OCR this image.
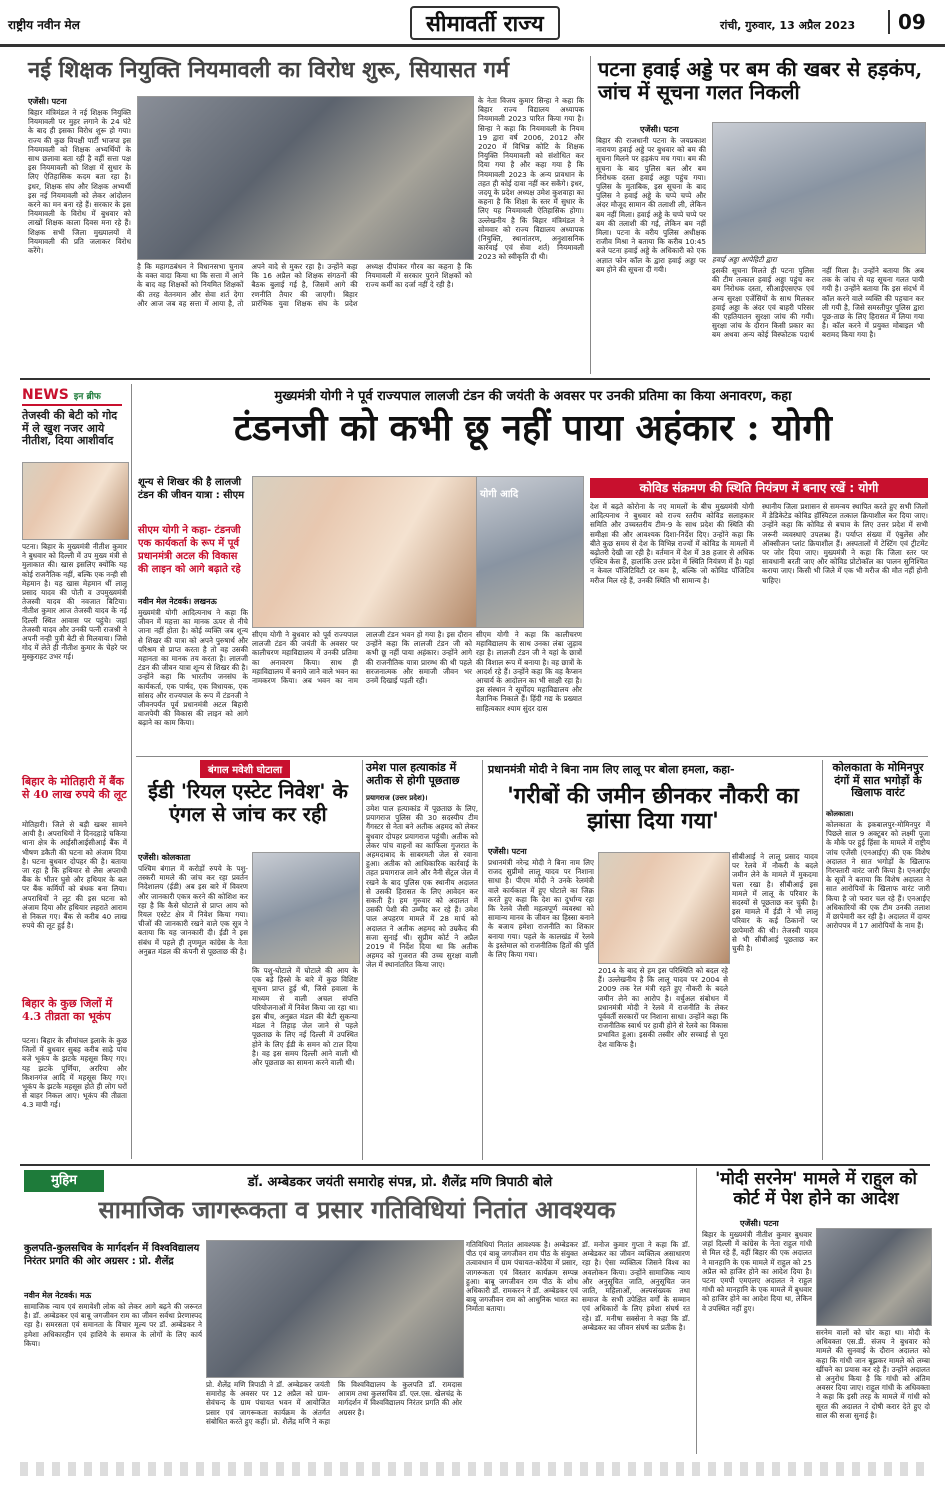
राष्ट्रीय नवीन मेल	सीमावर्ती राज्य	रांची, गुरुवार, 13 अप्रैल 2023	09
नई शिक्षक नियुक्ति नियमावली का विरोध शुरू, सियासत गर्म
एजेंसी। पटना
बिहार मंत्रिमंडल ने नई शिक्षक नियुक्ति नियमावली पर मुहर लगाने के 24 घंटे के बाद ही इसका विरोध शुरू हो गया। राज्य की कुछ विपक्षी पार्टी भाजपा इस नियमावली को शिक्षक अभ्यर्थियों के साथ छलावा बता रही है वहीं सत्ता पक्ष इस नियमावली को शिक्षा में सुधार के लिए ऐतिहासिक कदम बता रहा है। इधर, शिक्षक संघ और शिक्षक अभ्यर्थी इस नई नियमावली को लेकर आंदोलन करने का मन बना रहे हैं। सरकार के इस नियमावली के विरोध में बुधवार को लाखों शिक्षक काला दिवस मना रहे हैं। शिक्षक सभी जिला मुख्यालयों में नियमावली की प्रति जलाकर विरोध करेंगे।
है कि महागठबंधन ने विधानसभा चुनाव के वक्त वादा किया था कि सत्ता में आने के बाद वह शिक्षकों को नियमित शिक्षकों की तरह वेतनमान और सेवा शर्त देगा और आज जब वह सत्ता में आया है, तो अपने वादे से मुकर रहा है। उन्होंने कहा कि 16 अप्रैल को शिक्षक संगठनों की बैठक बुलाई गई है, जिसमें आगे की रणनीति तैयार की जाएगी। बिहार प्रारंभिक युवा शिक्षक संघ के प्रदेश अध्यक्ष दीपांकर गौरव का कहना है कि नियमावली में सरकार पुराने शिक्षकों को राज्य कर्मी का दर्जा नहीं दे रही है।
के नेता विजय कुमार सिन्हा ने कहा कि बिहार राज्य विद्यालय अध्यापक नियमावली 2023 पारित किया गया है। सिन्हा ने कहा कि नियमावली के नियम 19 द्वारा वर्ष 2006, 2012 और 2020 में विभिन्न कोटि के शिक्षक नियुक्ति नियमावली को संशोधित कर दिया गया है और कहा गया है कि नियमावली 2023 के अन्य प्रावधान के तहत ही कोई दावा नहीं कर सकेंगे। इधर, जदयू के प्रदेश अध्यक्ष उमेश कुशवाहा का कहना है कि शिक्षा के स्तर में सुधार के लिए यह नियमावली ऐतिहासिक होगा। उल्लेखनीय है कि बिहार मंत्रिमंडल ने सोमवार को राज्य विद्यालय अध्यापक (नियुक्ति, स्थानांतरण, अनुशासनिक कार्रवाई एवं सेवा शर्त) नियमावली 2023 को स्वीकृति दी थी।
पटना हवाई अड्डे पर बम की खबर से हड़कंप, जांच में सूचना गलत निकली
एजेंसी। पटना
बिहार की राजधानी पटना के जयप्रकाश नारायण हवाई अड्डे पर बुधवार को बम की सूचना मिलने पर हड़कंप मच गया। बम की सूचना के बाद पुलिस बल और बम निरोधक दस्ता हवाई अड्डा पहुंच गया। पुलिस के मुताबिक, इस सूचना के बाद पुलिस ने हवाई अड्डे के चप्पे चप्पे और अंदर मौजूद सामान की तलाशी ली, लेकिन बम नहीं मिला। हवाई अड्डे के चप्पे चप्पे पर बम की तलाशी की गई, लेकिन बम नहीं मिला। पटना के वरीय पुलिस अधीक्षक राजीव मिश्रा ने बताया कि करीब 10:45 बजे पटना हवाई अड्डे के अधिकारी को एक अज्ञात फोन कॉल के द्वारा हवाई अड्डा पर बम होने की सूचना दी गयी।
हवाई अड्डा आपेहिटी द्वारा
इसकी सूचना मिलते ही पटना पुलिस की टीम तत्काल हवाई अड्डा पहुंच कर बम निरोधक दस्ता, सीआईएसएफ एवं अन्य सुरक्षा एजेंसियों के साथ मिलकर हवाई अड्डा के अंदर एवं बाहरी परिसर की एहतियातन सुरक्षा जांच की गयी। सुरक्षा जांच के दौरान किसी प्रकार का बम अथवा अन्य कोई विस्फोटक पदार्थ नहीं मिला है। उन्होंने बताया कि अब तक के जांच से यह सूचना गलत पायी गयी है। उन्होंने बताया कि इस संदर्भ में कॉल करने वाले व्यक्ति की पहचान कर ली गयी है, जिसे समस्तीपुर पुलिस द्वारा पूछ-ताछ के लिए हिरासत में लिया गया है। कॉल करने में प्रयुक्त मोबाइल भी बरामद किया गया है।
NEWS इन ब्रीफ
तेजस्वी की बेटी को गोद में ले खुश नजर आये नीतीश, दिया आशीर्वाद
पटना। बिहार के मुख्यमंत्री नीतीश कुमार ने बुधवार को दिल्ली में उप मुख्य मंत्री से मुलाकात की। खास इसलिए क्योंकि यह कोई राजनैतिक नहीं, बल्कि एक नन्ही सी मेहमान है। यह खास मेहमान थीं लालू प्रसाद यादव की पोती व उपमुख्यमंत्री तेजस्वी यादव की नवजात बिटिया। नीतीश कुमार आज तेजस्वी यादव के नई दिल्ली स्थित आवास पर पहुंचे। जहां तेजस्वी यादव और उनकी पत्नी राजश्री ने अपनी नन्ही पुत्री बेटी से मिलवाया। जिसे गोद में लेते ही नीतीश कुमार के चेहरे पर मुस्कुराहट उभर गई।
बिहार के मोतिहारी में बैंक से 40 लाख रुपये की लूट
मोतिहारी। जिले से बड़ी खबर सामने आयी है। अपराधियों ने दिनदहाड़े चकिया थाना क्षेत्र के आईसीआईसीआई बैंक में भीषण डकैती की घटना को अंजाम दिया है। घटना बुधवार दोपहर की है। बताया जा रहा है कि हथियार से लैस अपराधी बैंक के भीतर घुसे और हथियार के बल पर बैंक कर्मियों को बंधक बना लिया। अपराधियों ने लूट की इस घटना को अंजाम दिया और हथियार लहराते आराम से निकल गए। बैंक से करीब 40 लाख रुपये की लूट हुई है।
बिहार के कुछ जिलों में 4.3 तीव्रता का भूकंप
पटना। बिहार के सीमांचल इलाके के कुछ जिलों में बुधवार सुबह करीब साढ़े पांच बजे भूकंप के झटके महसूस किए गए। यह झटके पूर्णिया, अररिया और किशनगंज आदि में महसूस किए गए। भूकंप के झटके महसूस होते ही लोग घरों से बाहर निकल आए। भूकंप की तीव्रता 4.3 मापी गई।
मुख्यमंत्री योगी ने पूर्व राज्यपाल लालजी टंडन की जयंती के अवसर पर उनकी प्रतिमा का किया अनावरण, कहा
टंडनजी को कभी छू नहीं पाया अहंकार : योगी
शून्य से शिखर की है लालजी टंडन की जीवन यात्रा : सीएम
सीएम योगी ने कहा- टंडनजी एक कार्यकर्ता के रूप में पूर्व प्रधानमंत्री अटल की विकास की लाइन को आगे बढ़ाते रहे
नवीन मेल नेटवर्क। लखनऊ
मुख्यमंत्री योगी आदित्यनाथ ने कहा कि जीवन में महत्ता का मानक ऊपर से नीचे जाना नहीं होता है। कोई व्यक्ति जब शून्य से शिखर की यात्रा को अपने पुरुषार्थ और परिश्रम से प्राप्त करता है तो वह उसकी महानता का मानक तय करता है। लालजी टंडन की जीवन यात्रा शून्य से शिखर की है। उन्होंने कहा कि भारतीय जनसंघ के कार्यकर्ता, एक पार्षद, एक विधायक, एक सांसद और राज्यपाल के रूप में टंडनजी ने जीवनपर्यंत पूर्व प्रधानमंत्री अटल बिहारी वाजपेयी की विकास की लाइन को आगे बढ़ाने का काम किया।
योगी आदि
सीएम योगी ने बुधवार को पूर्व राज्यपाल लालजी टंडन की जयंती के अवसर पर कालीचरण महाविद्यालय में उनकी प्रतिमा का अनावरण किया। साथ ही महाविद्यालय में बनाये जाने वाले भवन का नामकरण किया। अब भवन का नाम लालजी टंडन भवन हो गया है। इस दौरान उन्होंने कहा कि लालजी टंडन जी को कभी छू नहीं पाया अहंकार। उन्होंने आगे की राजनीतिक यात्रा प्रारम्भ की थी पहले सरजनात्मक और समाजी जीवन भर उनमें दिखाई पड़ती रही।
सीएम योगी ने कहा कि कालीचरण महाविद्यालय के साथ उनका लंबा जुड़ाव रहा है। लालजी टंडन जी ने यहां के छात्रों की विशाल रूप में बनाया है। वह छात्रों के आदर्श रहे हैं। उन्होंने कहा कि वह कैप्सन आचार्य के आदोलन का भी साक्षी रहा है। इस संस्थान ने सूर्योदय महाविद्यालय और वैज्ञानिक निकाले हैं। हिंदी गद्य के प्रख्यात साहित्यकार श्याम सुंदर दास
कोविड संक्रमण की स्थिति नियंत्रण में बनाए रखें : योगी
देश में बढ़ते कोरोना के नए मामलों के बीच मुख्यमंत्री योगी आदित्यनाथ ने बुधवार को राज्य स्तरीय कोविड सलाहकार समिति और उच्चस्तरीय टीम-9 के साथ प्रदेश की स्थिति की समीक्षा की और आवश्यक दिशा-निर्देश दिए। उन्होंने कहा कि बीते कुछ समय से देश के विभिन्न राज्यों में कोविड के मामलों में बढ़ोतरी देखी जा रही है। वर्तमान में देश में 38 हजार से अधिक एक्टिव केस हैं, हालांकि उत्तर प्रदेश में स्थिति नियंत्रण में है। यहां न केवल पॉजिटिविटी दर कम है, बल्कि जो कोविड पॉजिटिव मरीज मिल रहे हैं, उनकी स्थिति भी सामान्य है।
स्थानीय जिला प्रशासन से समन्वय स्थापित करते हुए सभी जिलों में डेडिकेटेड कोविड हॉस्पिटल तत्काल क्रियाशील कर दिया जाए। उन्होंने कहा कि कोविड से बचाव के लिए उत्तर प्रदेश में सभी जरूरी व्यवस्थाएं उपलब्ध हैं। पर्याप्त संख्या में एंबुलेंस और ऑक्सीजन प्लांट क्रियाशील हैं। अस्पतालों में टेस्टिंग एवं ट्रीटमेंट पर जोर दिया जाए। मुख्यमंत्री ने कहा कि जिला स्तर पर सावधानी बरती जाए और कोविड प्रोटोकॉल का पालन सुनिश्चित कराया जाए। किसी भी जिले में एक भी मरीज की मौत नहीं होनी चाहिए।
बंगाल मवेशी घोटाला
ईडी 'रियल एस्टेट निवेश' के एंगल से जांच कर रही
एजेंसी। कोलकाता
पश्चिम बंगाल में करोड़ों रुपये के पशु-तस्करी मामले की जांच कर रहा प्रवर्तन निदेशालय (ईडी) अब इस बारे में विवरण और जानकारी एकत्र करने की कोशिश कर रहा है कि कैसे घोटाले से प्राप्त आय को रियल एस्टेट क्षेत्र में निवेश किया गया। चीजों की जानकारी रखने वाले एक सूत्र ने बताया कि यह जानकारी दी। ईडी ने इस संबंध में पहले ही तृणमूल कांग्रेस के नेता अनुब्रत मंडल की कंपनी से पूछताछ की है।
कि पशु-घोटाले में घोटाले की आय के एक बड़े हिस्से के बारे में कुछ विशिष्ट सूचना प्राप्त हुई थी, जिसे हवाला के माध्यम से वाली अचल संपत्ति परियोजनाओं में निवेश किया जा रहा था। इस बीच, अनुब्रत मंडल की बेटी सुकन्या मंडल ने तिहाड़ जेल जाने से पहले पूछताछ के लिए नई दिल्ली में उपस्थित होने के लिए ईडी के समन को टाल दिया है। वह इस समय दिल्ली आने वाली थी और पूछताछ का सामना करने वाली थी।
उमेश पाल हत्याकांड में अतीक से होगी पूछताछ
प्रयागराज (उत्तर प्रदेश)।
उमेश पाल हत्याकांड में पूछताछ के लिए, प्रयागराज पुलिस की 30 सदस्यीय टीम गैंगस्टर से नेता बने अतीक अहमद को लेकर बुधवार दोपहर प्रयागराज पहुंची। अतीक को लेकर पांच वाहनों का काफिला गुजरात के अहमदाबाद के साबरमती जेल से रवाना हुआ। अतीक को आधिकारिक कार्रवाई के तहत प्रयागराज लाने और नैनी सेंट्रल जेल में रखने के बाद पुलिस एक स्थानीय अदालत से उसकी हिरासत के लिए आवेदन कर सकती है। हम गुरुवार को अदालत में उसकी पेशी की उम्मीद कर रहे हैं। उमेश पाल अपहरण मामले में 28 मार्च को अदालत ने अतीक अहमद को उम्रकैद की सजा सुनाई थी। सुप्रीम कोर्ट ने अप्रैल 2019 में निर्देश दिया था कि अतीक अहमद को गुजरात की उच्च सुरक्षा वाली जेल में स्थानांतरित किया जाए।
प्रधानमंत्री मोदी ने बिना नाम लिए लालू पर बोला हमला, कहा-
'गरीबों की जमीन छीनकर नौकरी का झांसा दिया गया'
एजेंसी। पटना
प्रधानमंत्री नरेन्द्र मोदी ने बिना नाम लिए राजद सुप्रीमो लालू यादव पर निशाना साधा है। पीएम मोदी ने उनके रेलमंत्री वाले कार्यकाल में हुए घोटाले का जिक्र करते हुए कहा कि देश का दुर्भाग्य रहा कि रेलवे जैसी महत्वपूर्ण व्यवस्था को सामान्य मानव के जीवन का हिस्सा बनाने के बजाय हमेशा राजनीति का शिकार बनाया गया। पहले के कालखंड में रेलवे के इस्तेमाल को राजनीतिक हितों की पूर्ति के लिए किया गया।
2014 के बाद से हम इस परिस्थिति को बदल रहे हैं। उल्लेखनीय है कि लालू यादव पर 2004 से 2009 तक रेल मंत्री रहते हुए नौकरी के बदले जमीन लेने का आरोप है। वर्चुअल संबोधन में प्रधानमंत्री मोदी ने रेलवे में राजनीति के लेकर पूर्ववर्ती सरकारों पर निशाना साधा। उन्होंने कहा कि राजनीतिक स्वार्थ पर हावी होने से रेलवे का विकास प्रभावित हुआ। इसकी तस्वीर और सच्चाई से पूरा देश वाकिफ है।
सीबीआई ने लालू प्रसाद यादव पर रेलवे में नौकरी के बदले जमीन लेने के मामले में मुकदमा चला रखा है। सीबीआई इस मामले में लालू के परिवार के सदस्यों से पूछताछ कर चुकी है। इस मामले में ईडी ने भी लालू परिवार के कई ठिकानों पर छापेमारी की थी। तेजस्वी यादव से भी सीबीआई पूछताछ कर चुकी है।
कोलकाता के मोमिनपुर दंगों में सात भगोड़ों के खिलाफ वारंट
कोलकाता।
कोलकाता के इकबालपुर-मोमिनपुर में पिछले साल 9 अक्टूबर को लक्ष्मी पूजा के मौके पर हुई हिंसा के मामले में राष्ट्रीय जांच एजेंसी (एनआईए) की एक विशेष अदालत ने सात भगोड़ों के खिलाफ गिरफ्तारी वारंट जारी किया है। एनआईए के सूत्रों ने बताया कि विशेष अदालत ने सात आरोपियों के खिलाफ वारंट जारी किया है जो फरार चल रहे हैं। एनआईए अधिकारियों की एक टीम उनकी तलाश में छापेमारी कर रही है। अदालत में दायर आरोपपत्र में 17 आरोपियों के नाम हैं।
मुहिम	डॉ. अम्बेडकर जयंती समारोह संपन्न, प्रो. शैलेंद्र मणि त्रिपाठी बोले
सामाजिक जागरूकता व प्रसार गतिविधियां नितांत आवश्यक
कुलपति-कुलसचिव के मार्गदर्शन में विश्वविद्यालय निरंतर प्रगति की ओर अग्रसर : प्रो. शैलेंद्र
नवीन मेल नेटवर्क। मऊ
सामाजिक न्याय एवं समावेशी लोक को लेकर आगे बढ़ने की जरूरत है। डॉ. अम्बेडकर एवं बाबू जगजीवन राम का जीवन सर्वथा प्रेरणास्पद रहा है। समरसता एवं समानता के विचार मूल्य पर डॉ. अम्बेडकर ने हमेशा अधिकारहीन एवं हाशिये के समाज के लोगों के लिए कार्य किया।
प्रो. शैलेंद्र मणि त्रिपाठी ने डॉ. अम्बेडकर जयंती समारोह के अवसर पर 12 अप्रैल को ग्राम-सेवंचन्द के ग्राम पंचायत भवन में आयोजित प्रसार एवं जागरूकता कार्यक्रम के अंतर्गत संबोधित करते हुए कहीं। प्रो. शैलेंद्र मणि ने कहा कि विश्वविद्यालय के कुलपति डॉ. रामदास आत्राम तथा कुलसचिव डॉ. एल.एस. खेलचंद्र के मार्गदर्शन में विश्वविद्यालय निरंतर प्रगति की ओर अग्रसर है।
गतिविधियां नितांत आवश्यक है। अम्बेडकर पीठ एवं बाबू जगजीवन राम पीठ के संयुक्त तत्वावधान में ग्राम पंचायत-कोदैया में प्रसार, जागरूकता एवं विस्तार कार्यक्रम सम्पन्न हुआ। बाबू जगजीवन राम पीठ के शोध अधिकारी डॉ. रामकरन ने डॉ. अम्बेडकर एवं बाबू जगजीवन राम को आधुनिक भारत का निर्माता बताया।
डॉ. मनोज कुमार गुप्ता ने कहा कि डॉ. अम्बेडकर का जीवन व्यक्तित्व असाधारण रहा है। ऐसा व्यक्तित्व जिसने विश्व का अवलोकन किया। उन्होंने सामाजिक न्याय और अनुसूचित जाति, अनुसूचित जन जाति, महिलाओं, अल्पसंख्यक तथा समाज के सभी उपेक्षित वर्गों के सम्मान एवं अधिकारों के लिए हमेशा संघर्ष रत रहे। डॉ. मनीषा सक्सेना ने कहा कि डॉ. अम्बेडकर का जीवन संघर्ष का प्रतीक है।
'मोदी सरनेम' मामले में राहुल को कोर्ट में पेश होने का आदेश
एजेंसी। पटना
बिहार के मुख्यमंत्री नीतीश कुमार बुधवार जहां दिल्ली में कांग्रेस के नेता राहुल गांधी से मिल रहे हैं, वहीं बिहार की एक अदालत ने मानहानि के एक मामले में राहुल को 25 अप्रैल को हाजिर होने का आदेश दिया है। पटना एमपी एमएलए अदालत ने राहुल गांधी को मानहानि के एक मामले में बुधवार को हाजिर होने का आदेश दिया था, लेकिन वे उपस्थित नहीं हुए।
सरनेम वालों को चोर कहा था। मोदी के अधिवक्ता एस.डी. संजय ने बुधवार को मामले की सुनवाई के दौरान अदालत को कहा कि गांधी जान बूझकर मामले को लम्बा खींचने का प्रयास कर रहे हैं। उन्होंने अदालत से अनुरोध किया है कि गांधी को अंतिम अवसर दिया जाए। राहुल गांधी के अधिवक्ता ने कहा कि इसी तरह के मामले में गांधी को सूरत की अदालत ने दोषी करार देते हुए दो साल की सजा सुनाई है।
